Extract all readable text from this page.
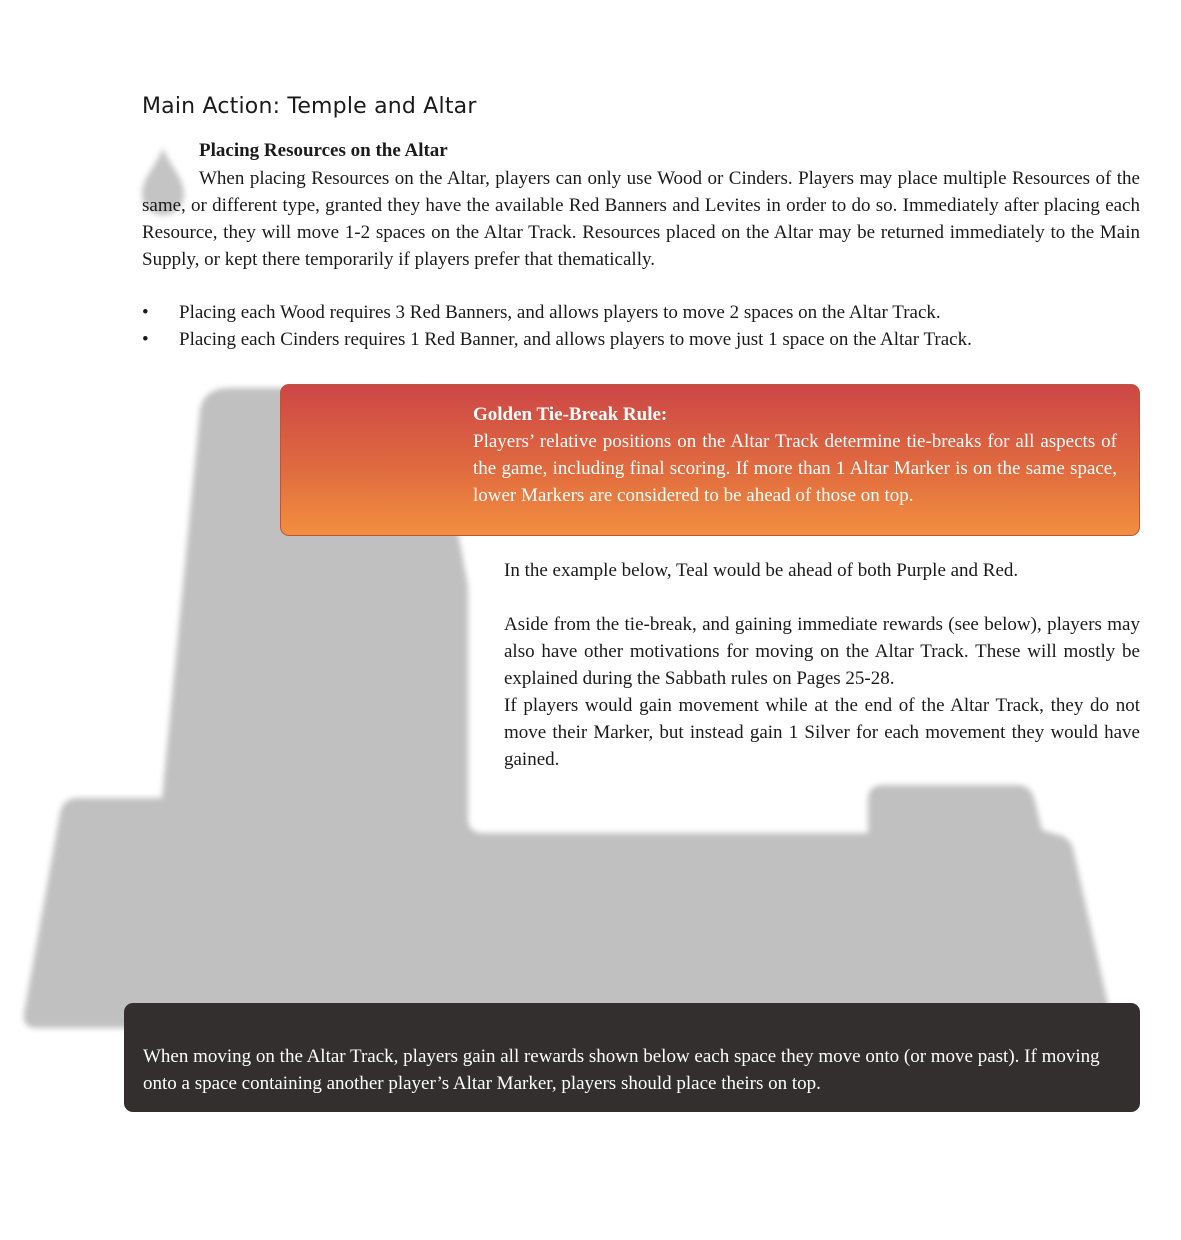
Main Action: Temple and Altar

Placing Resources on the Altar

When placing Resources on the Altar, players can only use Wood or Cinders. Players may place multiple Resources of the same, or different type, granted they have the available Red Banners and Levites in order to do so. Immediately after placing each Resource, they will move 1-2 spaces on the Altar Track. Resources placed on the Altar may be returned immediately to the Main Supply, or kept there temporarily if players prefer that thematically.

• Placing each Wood requires 3 Red Banners, and allows players to move 2 spaces on the Altar Track.
• Placing each Cinders requires 1 Red Banner, and allows players to move just 1 space on the Altar Track.

Golden Tie-Break Rule:

Players’ relative positions on the Altar Track determine tie-breaks for all aspects of the game, including final scoring. If more than 1 Altar Marker is on the same space, lower Markers are considered to be ahead of those on top.

In the example below, Teal would be ahead of both Purple and Red.

Aside from the tie-break, and gaining immediate rewards (see below), players may also have other motivations for moving on the Altar Track. These will mostly be explained during the Sabbath rules on Pages 25-28.

If players would gain movement while at the end of the Altar Track, they do not move their Marker, but instead gain 1 Silver for each movement they would have gained.

When moving on the Altar Track, players gain all rewards shown below each space they move onto (or move past). If moving onto a space containing another player’s Altar Marker, players should place theirs on top.
